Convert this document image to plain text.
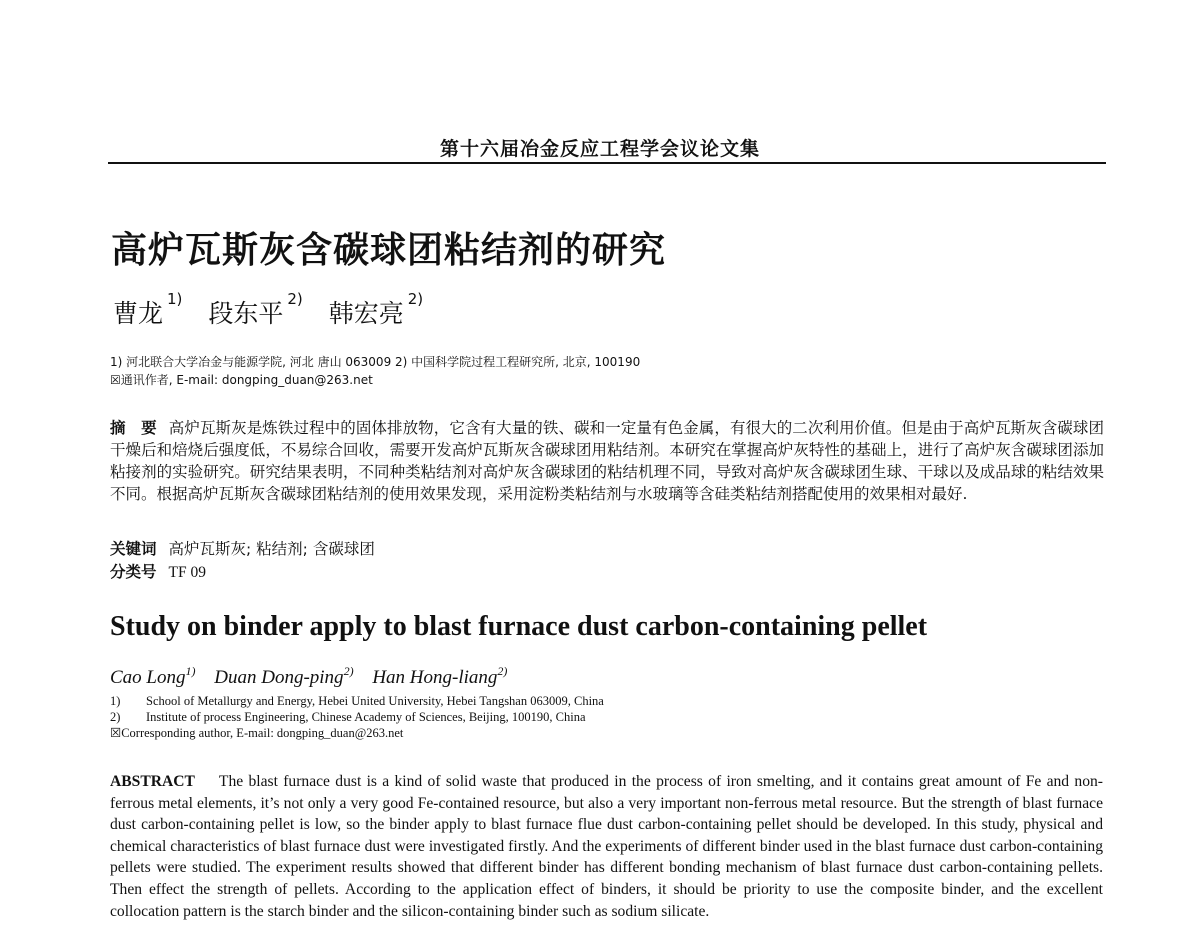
第十六届冶金反应工程学会议论文集
高炉瓦斯灰含碳球团粘结剂的研究
曹龙 $^{1)}$ 段东平 $^{2)}$ 韩宏亮 $^{2)}$
1) 河北联合大学冶金与能源学院, 河北 唐山 063009 2) 中国科学院过程工程研究所, 北京, 100190
☒通讯作者, E-mail: dongping_duan@263.net
摘　要 高炉瓦斯灰是炼铁过程中的固体排放物，它含有大量的铁、碳和一定量有色金属，有很大的二次利用价值。但是由于高炉瓦斯灰含碳球团干燥后和焙烧后强度低，不易综合回收，需要开发高炉瓦斯灰含碳球团用粘结剂。本研究在掌握高炉灰特性的基础上，进行了高炉灰含碳球团添加粘接剂的实验研究。研究结果表明，不同种类粘结剂对高炉灰含碳球团的粘结机理不同，导致对高炉灰含碳球团生球、干球以及成品球的粘结效果不同。根据高炉瓦斯灰含碳球团粘结剂的使用效果发现，采用淀粉类粘结剂与水玻璃等含硅类粘结剂搭配使用的效果相对最好.
关键词 高炉瓦斯灰; 粘结剂; 含碳球团
分类号 TF 09
Study on binder apply to blast furnace dust carbon-containing pellet
Cao Long$^{1)}$ Duan Dong-ping$^{2)}$ Han Hong-liang$^{2)}$
1) School of Metallurgy and Energy, Hebei United University, Hebei Tangshan 063009, China
2) Institute of process Engineering, Chinese Academy of Sciences, Beijing, 100190, China
☒Corresponding author, E-mail: dongping_duan@263.net
ABSTRACT The blast furnace dust is a kind of solid waste that produced in the process of iron smelting, and it contains great amount of Fe and non-ferrous metal elements, it’s not only a very good Fe-contained resource, but also a very important non-ferrous metal resource. But the strength of blast furnace dust carbon-containing pellet is low, so the binder apply to blast furnace flue dust carbon-containing pellet should be developed. In this study, physical and chemical characteristics of blast furnace dust were investigated firstly. And the experiments of different binder used in the blast furnace dust carbon-containing pellets were studied. The experiment results showed that different binder has different bonding mechanism of blast furnace dust carbon-containing pellets. Then effect the strength of pellets. According to the application effect of binders, it should be priority to use the composite binder, and the excellent collocation pattern is the starch binder and the silicon-containing binder such as sodium silicate.
